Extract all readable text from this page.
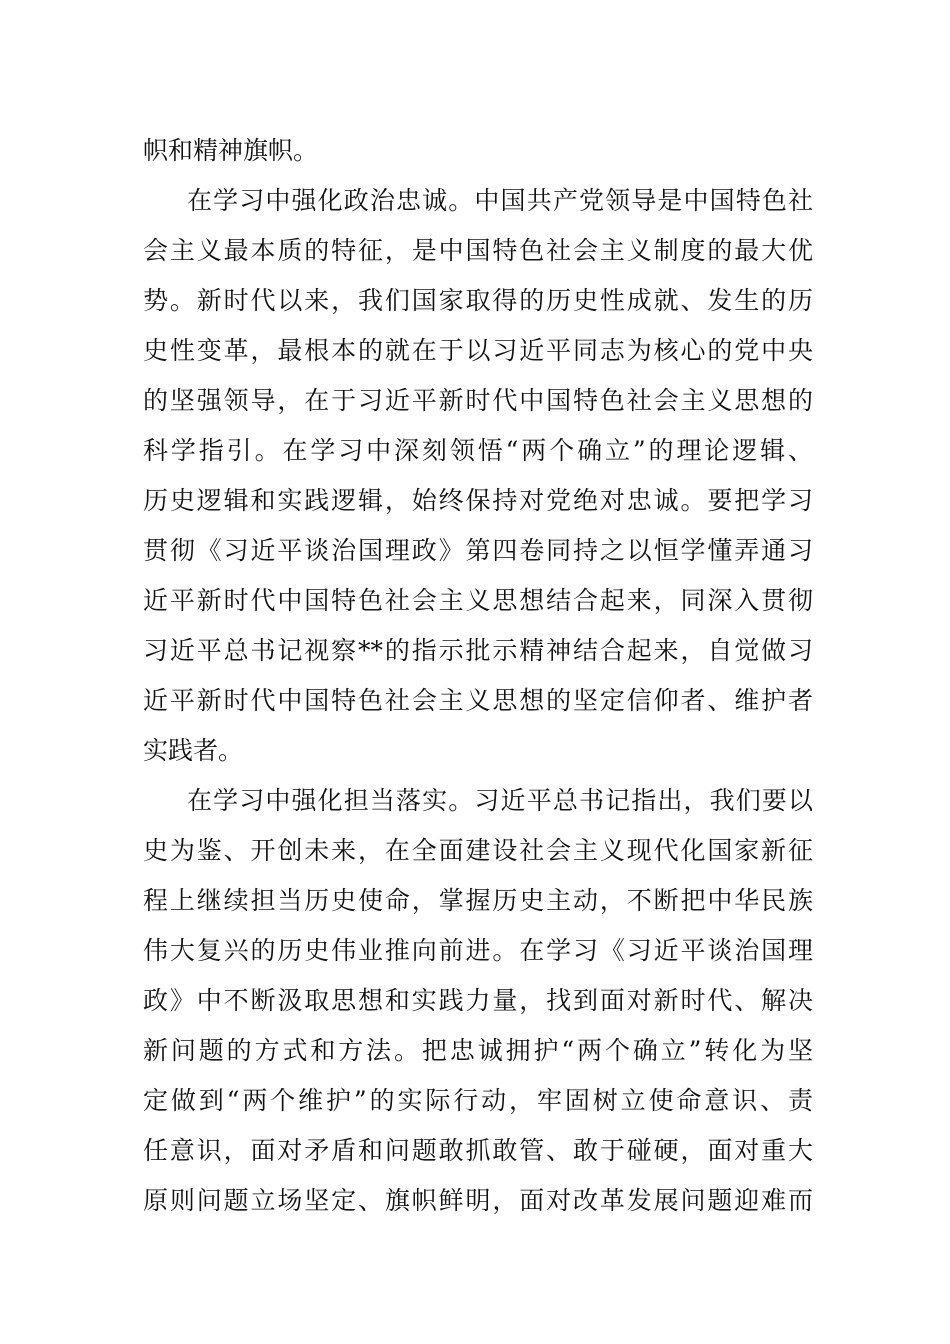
帜和精神旗帜。
在学习中强化政治忠诚。中国共产党领导是中国特色社
会主义最本质的特征，是中国特色社会主义制度的最大优
势。新时代以来，我们国家取得的历史性成就、发生的历
史性变革，最根本的就在于以习近平同志为核心的党中央
的坚强领导，在于习近平新时代中国特色社会主义思想的
科学指引。在学习中深刻领悟“两个确立”的理论逻辑、
历史逻辑和实践逻辑，始终保持对党绝对忠诚。要把学习
贯彻《习近平谈治国理政》第四卷同持之以恒学懂弄通习
近平新时代中国特色社会主义思想结合起来，同深入贯彻
习近平总书记视察**的指示批示精神结合起来，自觉做习
近平新时代中国特色社会主义思想的坚定信仰者、维护者
实践者。
在学习中强化担当落实。习近平总书记指出，我们要以
史为鉴、开创未来，在全面建设社会主义现代化国家新征
程上继续担当历史使命，掌握历史主动，不断把中华民族
伟大复兴的历史伟业推向前进。在学习《习近平谈治国理
政》中不断汲取思想和实践力量，找到面对新时代、解决
新问题的方式和方法。把忠诚拥护“两个确立”转化为坚
定做到“两个维护”的实际行动，牢固树立使命意识、责
任意识，面对矛盾和问题敢抓敢管、敢于碰硬，面对重大
原则问题立场坚定、旗帜鲜明，面对改革发展问题迎难而
